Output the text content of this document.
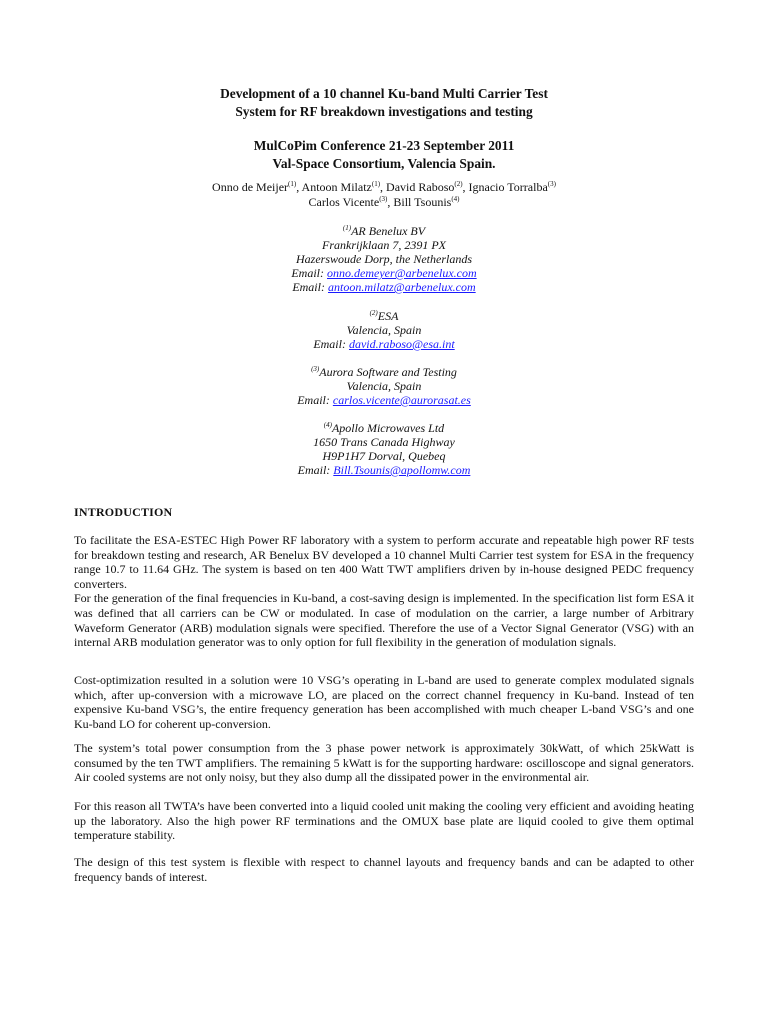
Development of a 10 channel Ku-band Multi Carrier Test
System for RF breakdown investigations and testing
MulCoPim Conference 21-23 September 2011
Val-Space Consortium, Valencia Spain.
Onno de Meijer$^{(1)}$, Antoon Milatz$^{(1)}$, David Raboso$^{(2)}$, Ignacio Torralba$^{(3)}$
Carlos Vicente$^{(3)}$, Bill Tsounis$^{(4)}$
$^{(1)}$AR Benelux BV
Frankrijklaan 7, 2391 PX
Hazerswoude Dorp, the Netherlands
Email: onno.demeyer@arbenelux.com
Email: antoon.milatz@arbenelux.com
$^{(2)}$ESA
Valencia, Spain
Email: david.raboso@esa.int
$^{(3)}$Aurora Software and Testing
Valencia, Spain
Email: carlos.vicente@aurorasat.es
$^{(4)}$Apollo Microwaves Ltd
1650 Trans Canada Highway
H9P1H7 Dorval, Quebeq
Email: Bill.Tsounis@apollomw.com
INTRODUCTION

To facilitate the ESA-ESTEC High Power RF laboratory with a system to perform accurate and repeatable high power RF tests for breakdown testing and research, AR Benelux BV developed a 10 channel Multi Carrier test system for ESA in the frequency range 10.7 to 11.64 GHz. The system is based on ten 400 Watt TWT amplifiers driven by in-house designed PEDC frequency converters.

For the generation of the final frequencies in Ku-band, a cost-saving design is implemented. In the specification list form ESA it was defined that all carriers can be CW or modulated. In case of modulation on the carrier, a large number of Arbitrary Waveform Generator (ARB) modulation signals were specified. Therefore the use of a Vector Signal Generator (VSG) with an internal ARB modulation generator was to only option for full flexibility in the generation of modulation signals.

Cost-optimization resulted in a solution were 10 VSG’s operating in L-band are used to generate complex modulated signals which, after up-conversion with a microwave LO, are placed on the correct channel frequency in Ku-band. Instead of ten expensive Ku-band VSG’s, the entire frequency generation has been accomplished with much cheaper L-band VSG’s and one Ku-band LO for coherent up-conversion.

The system’s total power consumption from the 3 phase power network is approximately 30kWatt, of which 25kWatt is consumed by the ten TWT amplifiers. The remaining 5 kWatt is for the supporting hardware: oscilloscope and signal generators. Air cooled systems are not only noisy, but they also dump all the dissipated power in the environmental air.

For this reason all TWTA’s have been converted into a liquid cooled unit making the cooling very efficient and avoiding heating up the laboratory. Also the high power RF terminations and the OMUX base plate are liquid cooled to give them optimal temperature stability.

The design of this test system is flexible with respect to channel layouts and frequency bands and can be adapted to other frequency bands of interest.
